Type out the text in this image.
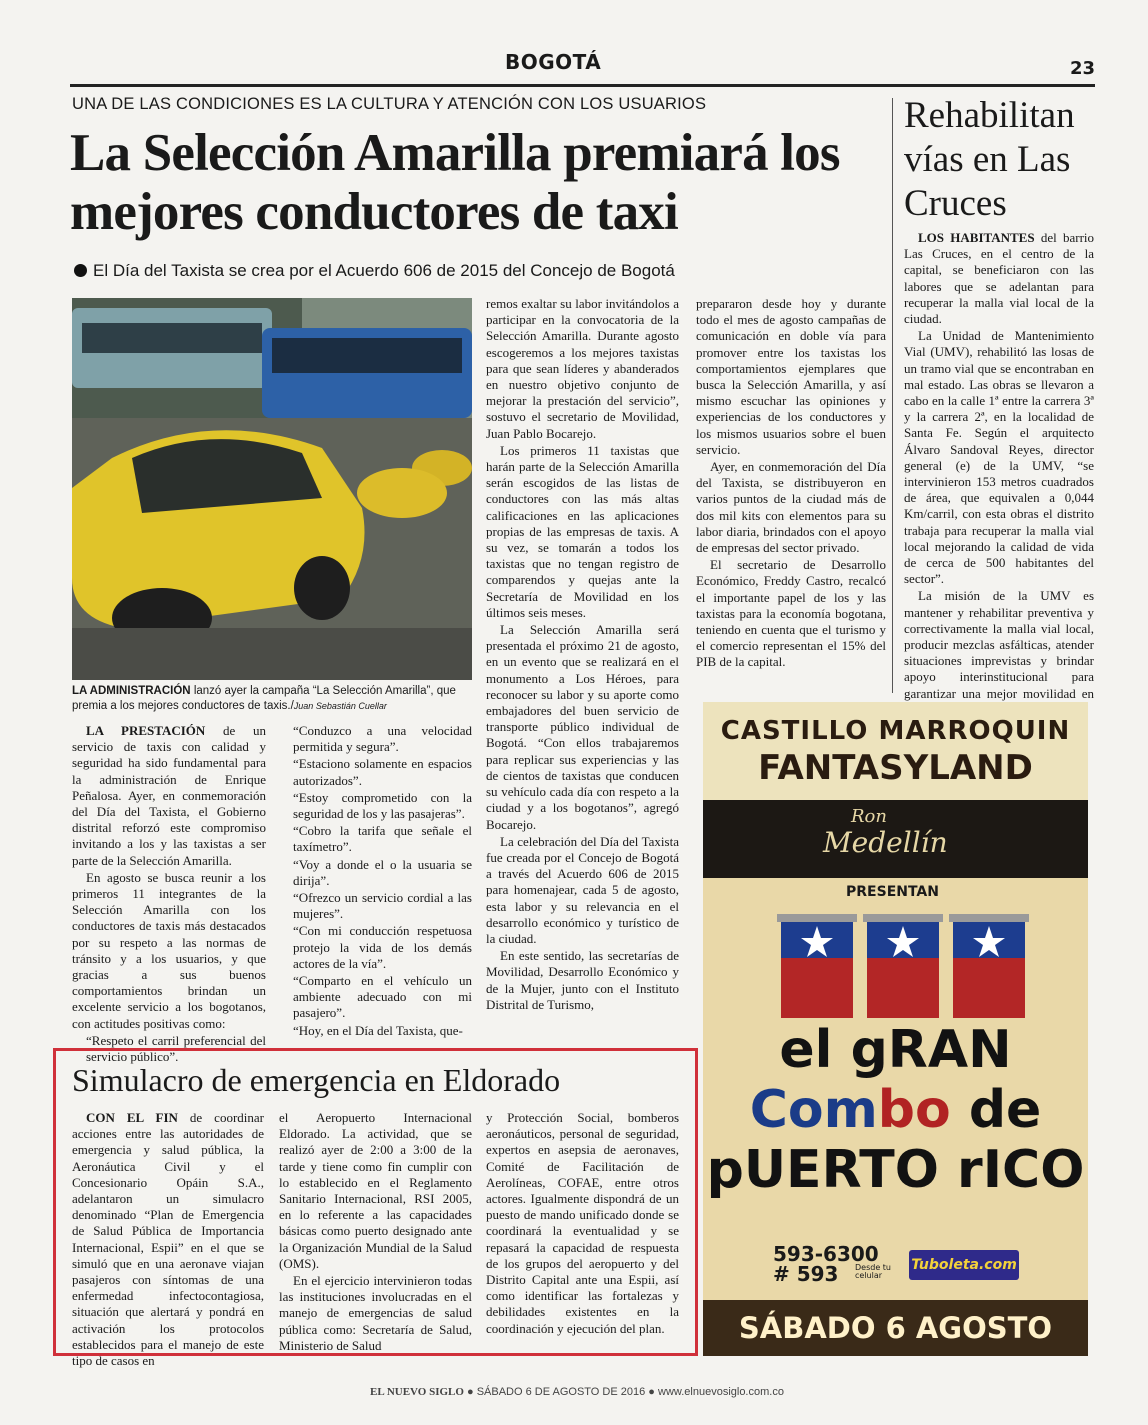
BOGOTÁ	23
UNA DE LAS CONDICIONES ES LA CULTURA Y ATENCIÓN CON LOS USUARIOS
La Selección Amarilla premiará los mejores conductores de taxi
El Día del Taxista se crea por el Acuerdo 606 de 2015 del Concejo de Bogotá
Rehabilitan vías en Las Cruces
LA ADMINISTRACIÓN lanzó ayer la campaña “La Selección Amarilla”, que premia a los mejores conductores de taxis./Juan Sebastián Cuellar

LA PRESTACIÓN de un servicio de taxis con calidad y seguridad ha sido fundamental para la administración de Enrique Peñalosa. Ayer, en conmemoración del Día del Taxista, el Gobierno distrital reforzó este compromiso invitando a los y las taxistas a ser parte de la Selección Amarilla.

En agosto se busca reunir a los primeros 11 integrantes de la Selección Amarilla con los conductores de taxis más destacados por su respeto a las normas de tránsito y a los usuarios, y que gracias a sus buenos comportamientos brindan un excelente servicio a los bogotanos, con actitudes positivas como:

“Respeto el carril preferencial del servicio público”.

“Conduzco a una velocidad permitida y segura”.

“Estaciono solamente en espacios autorizados”.

“Estoy comprometido con la seguridad de los y las pasajeras”.

“Cobro la tarifa que señale el taxímetro”.

“Voy a donde el o la usuaria se dirija”.

“Ofrezco un servicio cordial a las mujeres”.

“Con mi conducción respetuosa protejo la vida de los demás actores de la vía”.

“Comparto en el vehículo un ambiente adecuado con mi pasajero”.

“Hoy, en el Día del Taxista, que-

remos exaltar su labor invitándolos a participar en la convocatoria de la Selección Amarilla. Durante agosto escogeremos a los mejores taxistas para que sean líderes y abanderados en nuestro objetivo conjunto de mejorar la prestación del servicio”, sostuvo el secretario de Movilidad, Juan Pablo Bocarejo.

Los primeros 11 taxistas que harán parte de la Selección Amarilla serán escogidos de las listas de conductores con las más altas calificaciones en las aplicaciones propias de las empresas de taxis. A su vez, se tomarán a todos los taxistas que no tengan registro de comparendos y quejas ante la Secretaría de Movilidad en los últimos seis meses.

La Selección Amarilla será presentada el próximo 21 de agosto, en un evento que se realizará en el monumento a Los Héroes, para reconocer su labor y su aporte como embajadores del buen servicio de transporte público individual de Bogotá. “Con ellos trabajaremos para replicar sus experiencias y las de cientos de taxistas que conducen su vehículo cada día con respeto a la ciudad y a los bogotanos”, agregó Bocarejo.

La celebración del Día del Taxista fue creada por el Concejo de Bogotá a través del Acuerdo 606 de 2015 para homenajear, cada 5 de agosto, esta labor y su relevancia en el desarrollo económico y turístico de la ciudad.

En este sentido, las secretarías de Movilidad, Desarrollo Económico y de la Mujer, junto con el Instituto Distrital de Turismo,

prepararon desde hoy y durante todo el mes de agosto campañas de comunicación en doble vía para promover entre los taxistas los comportamientos ejemplares que busca la Selección Amarilla, y así mismo escuchar las opiniones y experiencias de los conductores y los mismos usuarios sobre el buen servicio.

Ayer, en conmemoración del Día del Taxista, se distribuyeron en varios puntos de la ciudad más de dos mil kits con elementos para su labor diaria, brindados con el apoyo de empresas del sector privado.

El secretario de Desarrollo Económico, Freddy Castro, recalcó el importante papel de los y las taxistas para la economía bogotana, teniendo en cuenta que el turismo y el comercio representan el 15% del PIB de la capital.

LOS HABITANTES del barrio Las Cruces, en el centro de la capital, se beneficiaron con las labores que se adelantan para recuperar la malla vial local de la ciudad.

La Unidad de Mantenimiento Vial (UMV), rehabilitó las losas de un tramo vial que se encontraban en mal estado. Las obras se llevaron a cabo en la calle 1ª entre la carrera 3ª y la carrera 2ª, en la localidad de Santa Fe. Según el arquitecto Álvaro Sandoval Reyes, director general (e) de la UMV, “se intervinieron 153 metros cuadrados de área, que equivalen a 0,044 Km/carril, con esta obras el distrito trabaja para recuperar la malla vial local mejorando la calidad de vida de cerca de 500 habitantes del sector”.

La misión de la UMV es mantener y rehabilitar preventiva y correctivamente la malla vial local, producir mezclas asfálticas, atender situaciones imprevistas y brindar apoyo interinstitucional para garantizar una mejor movilidad en

CASTILLO MARROQUIN
FANTASYLAND
Ron
Medellín
PRESENTAN
el gRAN
Combo de
pUERTO rICO
593-6300
# 593 Desde tu celular
Tuboleta.com
SÁBADO 6 AGOSTO
Simulacro de emergencia en Eldorado

CON EL FIN de coordinar acciones entre las autoridades de emergencia y salud pública, la Aeronáutica Civil y el Concesionario Opáin S.A., adelantaron un simulacro denominado “Plan de Emergencia de Salud Pública de Importancia Internacional, Espii” en el que se simuló que en una aeronave viajan pasajeros con síntomas de una enfermedad infectocontagiosa, situación que alertará y pondrá en activación los protocolos establecidos para el manejo de este tipo de casos en

el Aeropuerto Internacional Eldorado. La actividad, que se realizó ayer de 2:00 a 3:00 de la tarde y tiene como fin cumplir con lo establecido en el Reglamento Sanitario Internacional, RSI 2005, en lo referente a las capacidades básicas como puerto designado ante la Organización Mundial de la Salud (OMS).

En el ejercicio intervinieron todas las instituciones involucradas en el manejo de emergencias de salud pública como: Secretaría de Salud, Ministerio de Salud

y Protección Social, bomberos aeronáuticos, personal de seguridad, expertos en asepsia de aeronaves, Comité de Facilitación de Aerolíneas, COFAE, entre otros actores. Igualmente dispondrá de un puesto de mando unificado donde se coordinará la eventualidad y se repasará la capacidad de respuesta de los grupos del aeropuerto y del Distrito Capital ante una Espii, así como identificar las fortalezas y debilidades existentes en la coordinación y ejecución del plan.

EL NUEVO SIGLO ● SÁBADO 6 DE AGOSTO DE 2016 ● www.elnuevosiglo.com.co
